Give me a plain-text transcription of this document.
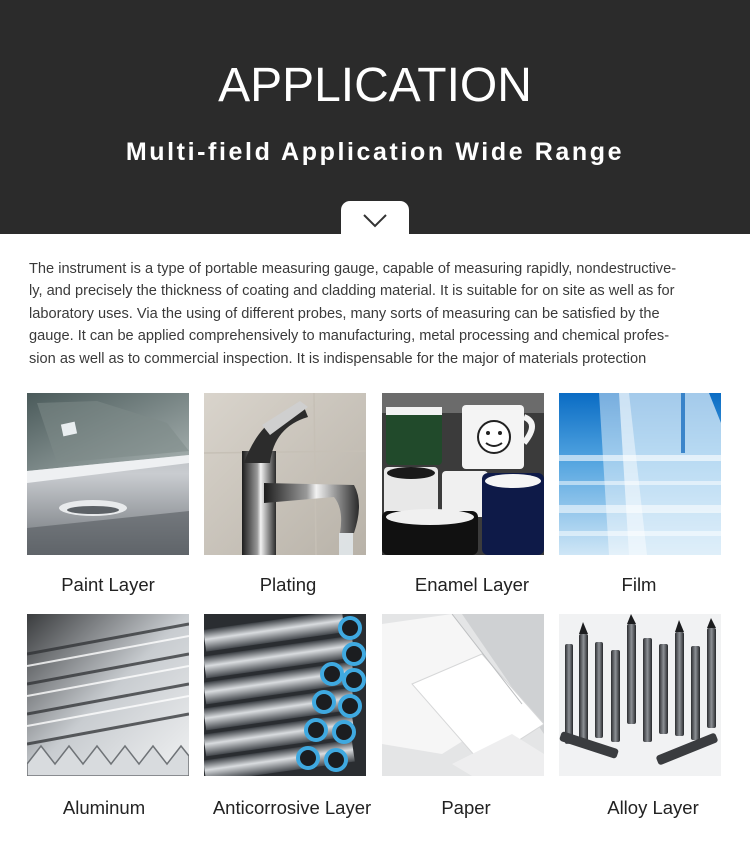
APPLICATION
Multi-field Application Wide Range
The instrument is a type of portable measuring gauge, capable of measuring rapidly, nondestructive-
ly, and precisely the thickness of coating and cladding material. It is suitable for on site as well as for
laboratory uses. Via the using of different probes, many sorts of measuring can be satisfied by the
gauge. It can be applied comprehensively to manufacturing, metal processing and chemical profes-
sion as well as to commercial inspection. It is indispensable for the major of materials protection
Paint Layer	Plating	Enamel Layer	Film
Aluminum	Anticorrosive Layer	Paper	Alloy Layer
